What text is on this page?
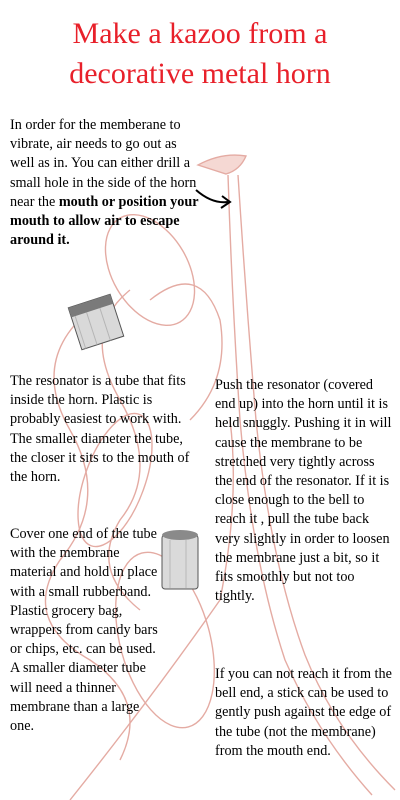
Make a kazoo from a
decorative metal horn
In order for the memberane to vibrate, air needs to go out as well as in. You can either drill a small hole in the side of the horn near the mouth or position your mouth to allow air to escape around it.
The resonator is a tube that fits inside the horn. Plastic is probably easiest to work with. The smaller diameter the tube, the closer it sits to the mouth of the horn.
Cover one end of the tube with the membrane material and hold in place with a small rubberband. Plastic grocery bag, wrappers from candy bars or chips, etc. can be used. A smaller diameter tube will need a thinner membrane than a large one.
Push the resonator (covered end up) into the horn until it is held snuggly. Pushing it in will cause the membrane to be stretched very tightly across the end of the resonator. If it is close enough to the bell to reach it , pull the tube back very slightly in order to loosen the membrane just a bit, so it fits smoothly but not too tightly.
If you can not reach it from the bell end, a stick can be used to gently push against the edge of the tube (not the membrane) from the mouth end.
